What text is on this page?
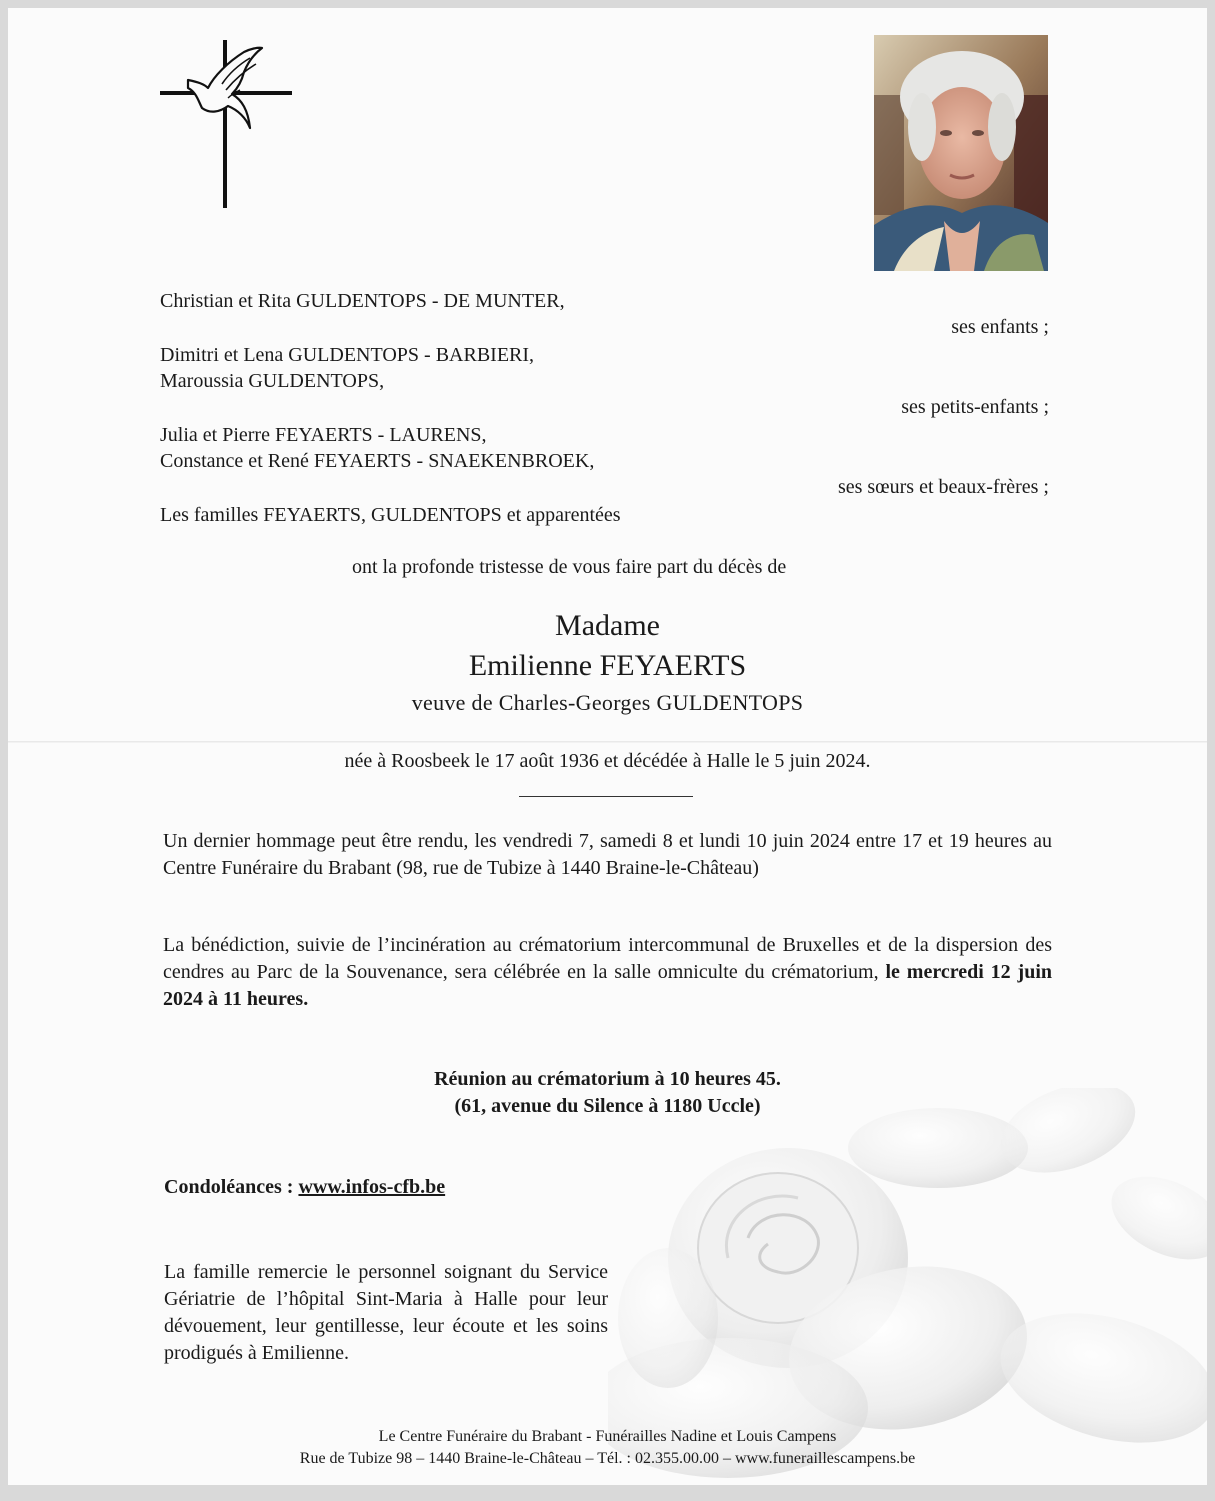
Christian et Rita GULDENTOPS - DE MUNTER,
ses enfants ;
Dimitri et Lena GULDENTOPS - BARBIERI,
Maroussia GULDENTOPS,
ses petits-enfants ;
Julia et Pierre FEYAERTS - LAURENS,
Constance et René FEYAERTS - SNAEKENBROEK,
ses sœurs et beaux-frères ;
Les familles FEYAERTS, GULDENTOPS et apparentées
ont la profonde tristesse de vous faire part du décès de
Madame
Emilienne FEYAERTS
veuve de Charles-Georges GULDENTOPS
née à Roosbeek le 17 août 1936 et décédée à Halle le 5 juin 2024.
Un dernier hommage peut être rendu, les vendredi 7, samedi 8 et lundi 10 juin 2024 entre 17 et 19 heures au Centre Funéraire du Brabant (98, rue de Tubize à 1440 Braine-le-Château)
La bénédiction, suivie de l’incinération au crématorium intercommunal de Bruxelles et de la dispersion des cendres au Parc de la Souvenance, sera célébrée en la salle omniculte du crématorium, le mercredi 12 juin 2024 à 11 heures.
Réunion au crématorium à 10 heures 45.
(61, avenue du Silence à 1180 Uccle)
Condoléances : www.infos-cfb.be
La famille remercie le personnel soignant du Service Gériatrie de l’hôpital Sint-Maria à Halle pour leur dévouement, leur gentillesse, leur écoute et les soins prodigués à Emilienne.
Le Centre Funéraire du Brabant - Funérailles Nadine et Louis Campens
Rue de Tubize 98 – 1440 Braine-le-Château – Tél. : 02.355.00.00 – www.funeraillescampens.be
